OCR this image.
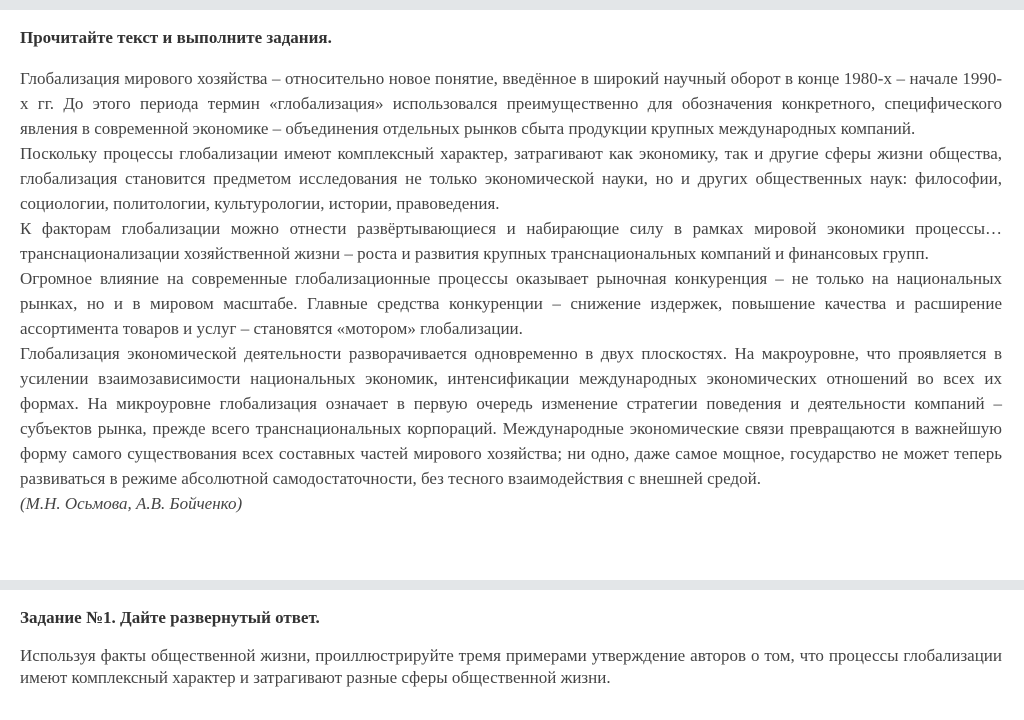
Прочитайте текст и выполните задания.

Глобализация мирового хозяйства – относительно новое понятие, введённое в широкий научный оборот в конце 1980-х – начале 1990-х гг. До этого периода термин «глобализация» использовался преимущественно для обозначения конкретного, специфического явления в современной экономике – объединения отдельных рынков сбыта продукции крупных международных компаний.

Поскольку процессы глобализации имеют комплексный характер, затрагивают как экономику, так и другие сферы жизни общества, глобализация становится предметом исследования не только экономической науки, но и других общественных наук: философии, социологии, политологии, культурологии, истории, правоведения.

К факторам глобализации можно отнести развёртывающиеся и набирающие силу в рамках мировой экономики процессы… транснационализации хозяйственной жизни – роста и развития крупных транснациональных компаний и финансовых групп.

Огромное влияние на современные глобализационные процессы оказывает рыночная конкуренция – не только на национальных рынках, но и в мировом масштабе. Главные средства конкуренции – снижение издержек, повышение качества и расширение ассортимента товаров и услуг – становятся «мотором» глобализации.

Глобализация экономической деятельности разворачивается одновременно в двух плоскостях. На макроуровне, что проявляется в усилении взаимозависимости национальных экономик, интенсификации международных экономических отношений во всех их формах. На микроуровне глобализация означает в первую очередь изменение стратегии поведения и деятельности компаний – субъектов рынка, прежде всего транснациональных корпораций. Международные экономические связи превращаются в важнейшую форму самого существования всех составных частей мирового хозяйства; ни одно, даже самое мощное, государство не может теперь развиваться в режиме абсолютной самодостаточности, без тесного взаимодействия с внешней средой.

(М.Н. Осьмова, А.В. Бойченко)

Задание №1. Дайте развернутый ответ.

Используя факты общественной жизни, проиллюстрируйте тремя примерами утверждение авторов о том, что процессы глобализации имеют комплексный характер и затрагивают разные сферы общественной жизни.
